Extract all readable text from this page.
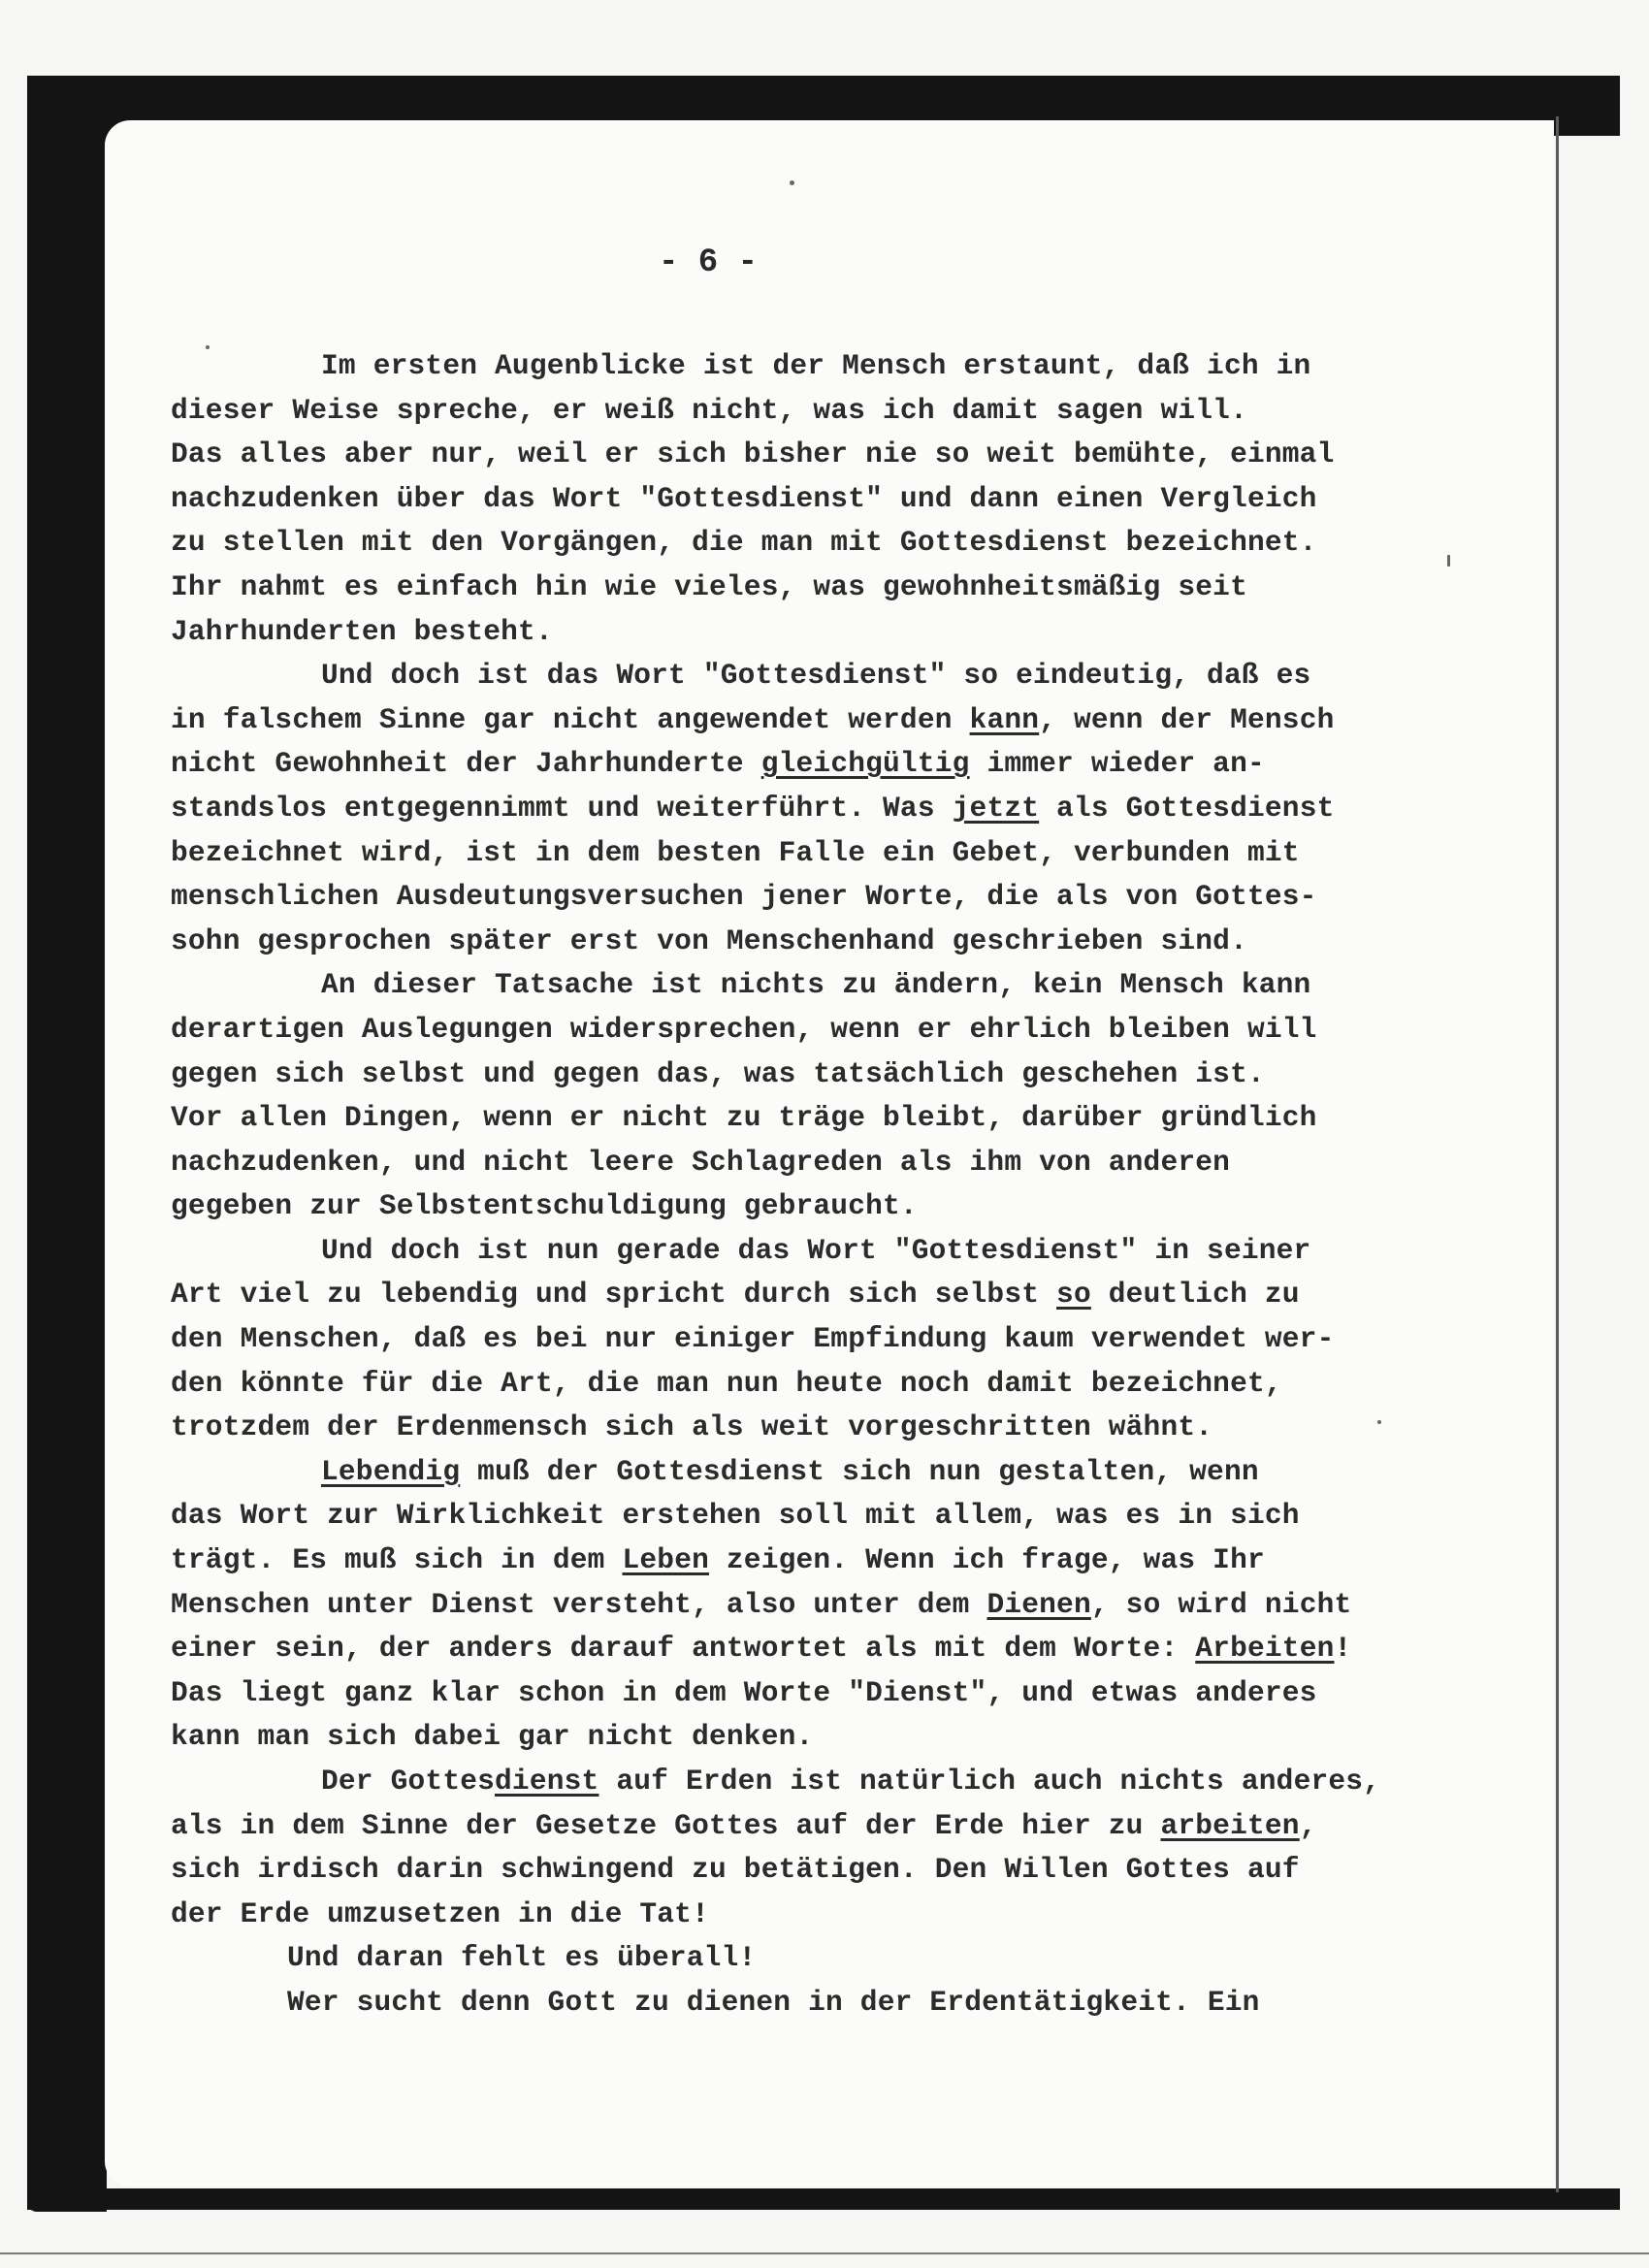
- 6 -
Im ersten Augenblicke ist der Mensch erstaunt, daß ich in
dieser Weise spreche, er weiß nicht, was ich damit sagen will.
Das alles aber nur, weil er sich bisher nie so weit bemühte, einmal
nachzudenken über das Wort "Gottesdienst" und dann einen Vergleich
zu stellen mit den Vorgängen, die man mit Gottesdienst bezeichnet.
Ihr nahmt es einfach hin wie vieles, was gewohnheitsmäßig seit
Jahrhunderten besteht.
Und doch ist das Wort "Gottesdienst" so eindeutig, daß es
in falschem Sinne gar nicht angewendet werden kann, wenn der Mensch
nicht Gewohnheit der Jahrhunderte gleichgültig immer wieder an-
standslos entgegennimmt und weiterführt. Was jetzt als Gottesdienst
bezeichnet wird, ist in dem besten Falle ein Gebet, verbunden mit
menschlichen Ausdeutungsversuchen jener Worte, die als von Gottes-
sohn gesprochen später erst von Menschenhand geschrieben sind.
An dieser Tatsache ist nichts zu ändern, kein Mensch kann
derartigen Auslegungen widersprechen, wenn er ehrlich bleiben will
gegen sich selbst und gegen das, was tatsächlich geschehen ist.
Vor allen Dingen, wenn er nicht zu träge bleibt, darüber gründlich
nachzudenken, und nicht leere Schlagreden als ihm von anderen
gegeben zur Selbstentschuldigung gebraucht.
Und doch ist nun gerade das Wort "Gottesdienst" in seiner
Art viel zu lebendig und spricht durch sich selbst so deutlich zu
den Menschen, daß es bei nur einiger Empfindung kaum verwendet wer-
den könnte für die Art, die man nun heute noch damit bezeichnet,
trotzdem der Erdenmensch sich als weit vorgeschritten wähnt.
Lebendig muß der Gottesdienst sich nun gestalten, wenn
das Wort zur Wirklichkeit erstehen soll mit allem, was es in sich
trägt. Es muß sich in dem Leben zeigen. Wenn ich frage, was Ihr
Menschen unter Dienst versteht, also unter dem Dienen, so wird nicht
einer sein, der anders darauf antwortet als mit dem Worte: Arbeiten!
Das liegt ganz klar schon in dem Worte "Dienst", und etwas anderes
kann man sich dabei gar nicht denken.
Der Gottesdienst auf Erden ist natürlich auch nichts anderes,
als in dem Sinne der Gesetze Gottes auf der Erde hier zu arbeiten,
sich irdisch darin schwingend zu betätigen. Den Willen Gottes auf
der Erde umzusetzen in die Tat!
Und daran fehlt es überall!
Wer sucht denn Gott zu dienen in der Erdentätigkeit. Ein
